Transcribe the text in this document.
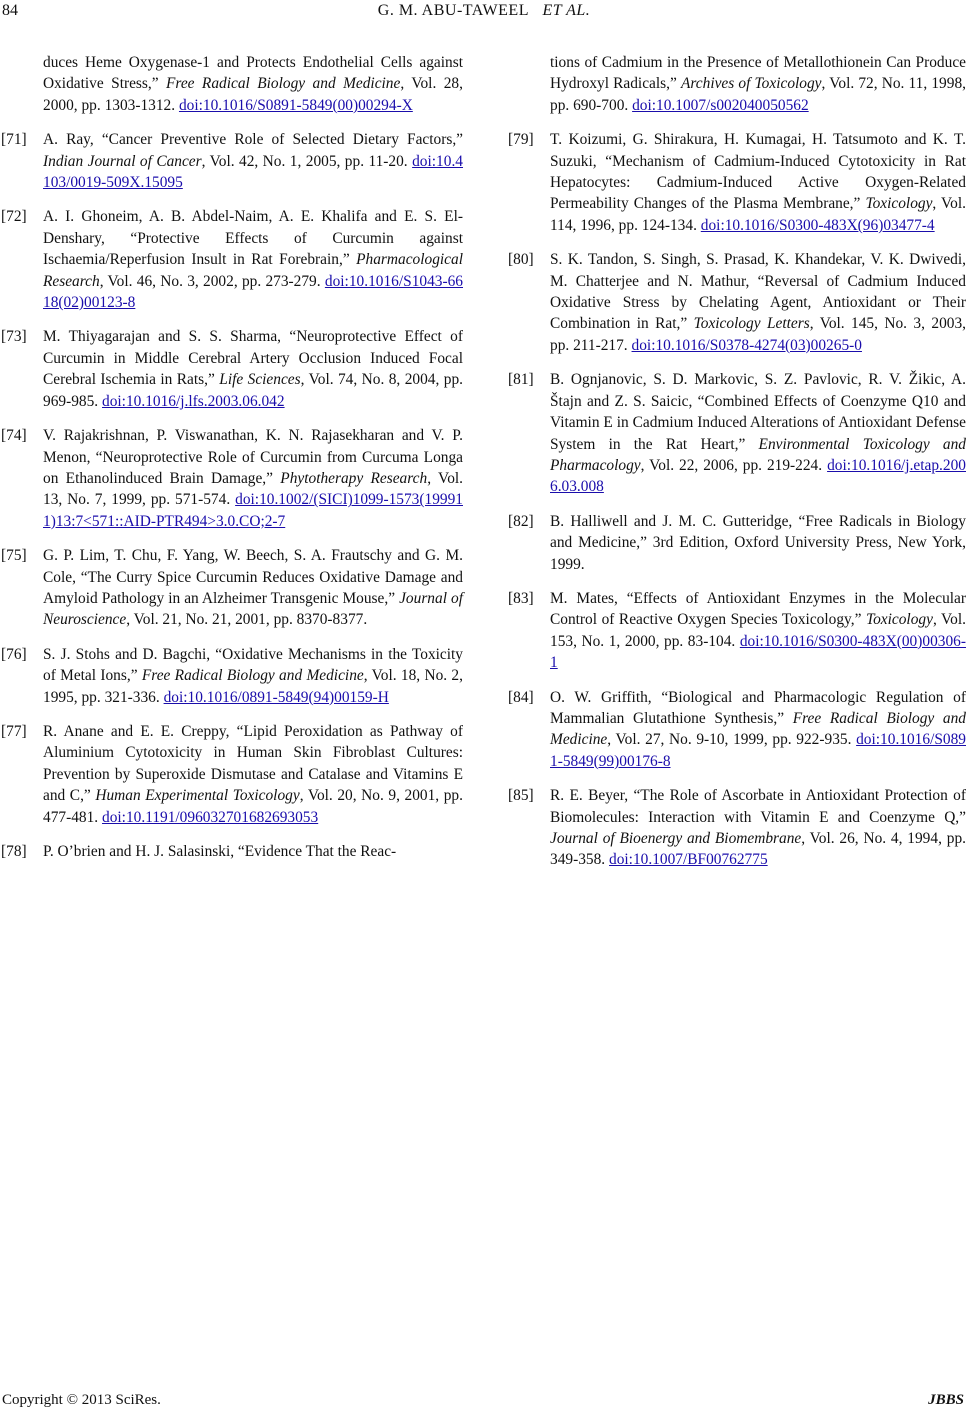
84	G. M. ABU-TAWEEL ET AL.
duces Heme Oxygenase-1 and Protects Endothelial Cells against Oxidative Stress,” Free Radical Biology and Medicine, Vol. 28, 2000, pp. 1303-1312. doi:10.1016/S0891-5849(00)00294-X
[71] A. Ray, “Cancer Preventive Role of Selected Dietary Factors,” Indian Journal of Cancer, Vol. 42, No. 1, 2005, pp. 11-20. doi:10.4103/0019-509X.15095
[72] A. I. Ghoneim, A. B. Abdel-Naim, A. E. Khalifa and E. S. El-Denshary, “Protective Effects of Curcumin against Ischaemia/Reperfusion Insult in Rat Forebrain,” Pharmacological Research, Vol. 46, No. 3, 2002, pp. 273-279. doi:10.1016/S1043-6618(02)00123-8
[73] M. Thiyagarajan and S. S. Sharma, “Neuroprotective Effect of Curcumin in Middle Cerebral Artery Occlusion Induced Focal Cerebral Ischemia in Rats,” Life Sciences, Vol. 74, No. 8, 2004, pp. 969-985. doi:10.1016/j.lfs.2003.06.042
[74] V. Rajakrishnan, P. Viswanathan, K. N. Rajasekharan and V. P. Menon, “Neuroprotective Role of Curcumin from Curcuma Longa on Ethanolinduced Brain Damage,” Phytotherapy Research, Vol. 13, No. 7, 1999, pp. 571-574. doi:10.1002/(SICI)1099-1573(199911)13:7<571::AID-PTR494>3.0.CO;2-7
[75] G. P. Lim, T. Chu, F. Yang, W. Beech, S. A. Frautschy and G. M. Cole, “The Curry Spice Curcumin Reduces Oxidative Damage and Amyloid Pathology in an Alzheimer Transgenic Mouse,” Journal of Neuroscience, Vol. 21, No. 21, 2001, pp. 8370-8377.
[76] S. J. Stohs and D. Bagchi, “Oxidative Mechanisms in the Toxicity of Metal Ions,” Free Radical Biology and Medicine, Vol. 18, No. 2, 1995, pp. 321-336. doi:10.1016/0891-5849(94)00159-H
[77] R. Anane and E. E. Creppy, “Lipid Peroxidation as Pathway of Aluminium Cytotoxicity in Human Skin Fibroblast Cultures: Prevention by Superoxide Dismutase and Catalase and Vitamins E and C,” Human Experimental Toxicology, Vol. 20, No. 9, 2001, pp. 477-481. doi:10.1191/096032701682693053
[78] P. O’brien and H. J. Salasinski, “Evidence That the Reac-
tions of Cadmium in the Presence of Metallothionein Can Produce Hydroxyl Radicals,” Archives of Toxicology, Vol. 72, No. 11, 1998, pp. 690-700. doi:10.1007/s002040050562
[79] T. Koizumi, G. Shirakura, H. Kumagai, H. Tatsumoto and K. T. Suzuki, “Mechanism of Cadmium-Induced Cytotoxicity in Rat Hepatocytes: Cadmium-Induced Active Oxygen-Related Permeability Changes of the Plasma Membrane,” Toxicology, Vol. 114, 1996, pp. 124-134. doi:10.1016/S0300-483X(96)03477-4
[80] S. K. Tandon, S. Singh, S. Prasad, K. Khandekar, V. K. Dwivedi, M. Chatterjee and N. Mathur, “Reversal of Cadmium Induced Oxidative Stress by Chelating Agent, Antioxidant or Their Combination in Rat,” Toxicology Letters, Vol. 145, No. 3, 2003, pp. 211-217. doi:10.1016/S0378-4274(03)00265-0
[81] B. Ognjanovic, S. D. Markovic, S. Z. Pavlovic, R. V. Žikic, A. Štajn and Z. S. Saicic, “Combined Effects of Coenzyme Q10 and Vitamin E in Cadmium Induced Alterations of Antioxidant Defense System in the Rat Heart,” Environmental Toxicology and Pharmacology, Vol. 22, 2006, pp. 219-224. doi:10.1016/j.etap.2006.03.008
[82] B. Halliwell and J. M. C. Gutteridge, “Free Radicals in Biology and Medicine,” 3rd Edition, Oxford University Press, New York, 1999.
[83] M. Mates, “Effects of Antioxidant Enzymes in the Molecular Control of Reactive Oxygen Species Toxicology,” Toxicology, Vol. 153, No. 1, 2000, pp. 83-104. doi:10.1016/S0300-483X(00)00306-1
[84] O. W. Griffith, “Biological and Pharmacologic Regulation of Mammalian Glutathione Synthesis,” Free Radical Biology and Medicine, Vol. 27, No. 9-10, 1999, pp. 922-935. doi:10.1016/S0891-5849(99)00176-8
[85] R. E. Beyer, “The Role of Ascorbate in Antioxidant Protection of Biomolecules: Interaction with Vitamin E and Coenzyme Q,” Journal of Bioenergy and Biomembrane, Vol. 26, No. 4, 1994, pp. 349-358. doi:10.1007/BF00762775
Copyright © 2013 SciRes.	JBBS
